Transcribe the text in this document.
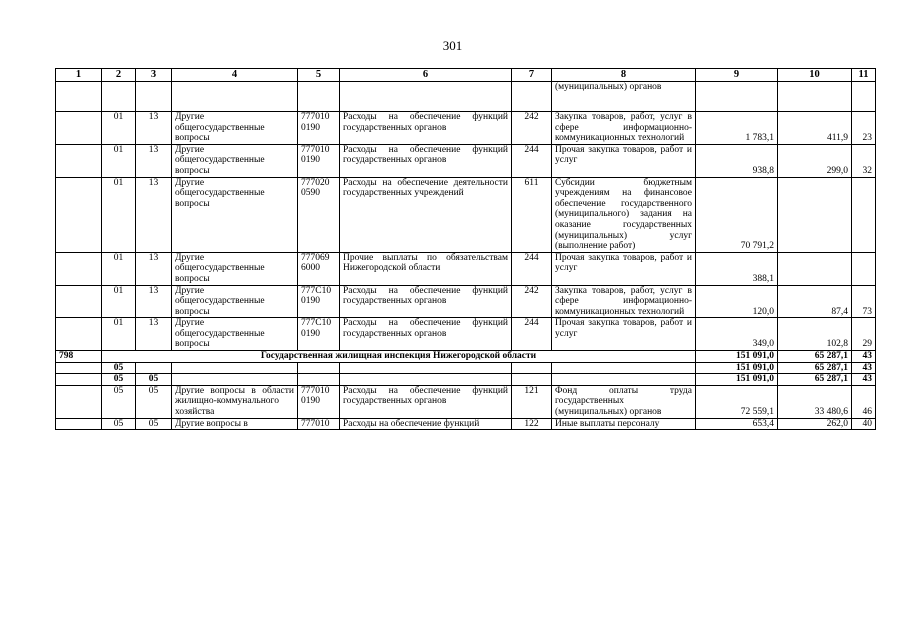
301
1	2	3	4	5	6	7	8	9	10	11
							(муниципальных) органов			
	01	13	Другие общегосударственные вопросы	777010 0190	Расходы на обеспечение функций государственных органов	242	Закупка товаров, работ, услуг в сфере информационно-коммуникационных технологий	1 783,1	411,9	23
	01	13	Другие общегосударственные вопросы	777010 0190	Расходы на обеспечение функций государственных органов	244	Прочая закупка товаров, работ и услуг	938,8	299,0	32
	01	13	Другие общегосударственные вопросы	777020 0590	Расходы на обеспечение деятельности государственных учреждений	611	Субсидии бюджетным учреждениям на финансовое обеспечение государственного (муниципального) задания на оказание государственных (муниципальных) услуг (выполнение работ)	70 791,2		
	01	13	Другие общегосударственные вопросы	777069 6000	Прочие выплаты по обязательствам Нижегородской области	244	Прочая закупка товаров, работ и услуг	388,1		
	01	13	Другие общегосударственные вопросы	777С10 0190	Расходы на обеспечение функций государственных органов	242	Закупка товаров, работ, услуг в сфере информационно-коммуникационных технологий	120,0	87,4	73
	01	13	Другие общегосударственные вопросы	777С10 0190	Расходы на обеспечение функций государственных органов	244	Прочая закупка товаров, работ и услуг	349,0	102,8	29
798	Государственная жилищная инспекция Нижегородской области							151 091,0	65 287,1	43
	05							151 091,0	65 287,1	43
	05	05						151 091,0	65 287,1	43
	05	05	Другие вопросы в области жилищно-коммунального хозяйства	777010 0190	Расходы на обеспечение функций государственных органов	121	Фонд оплаты труда государственных (муниципальных) органов	72 559,1	33 480,6	46
	05	05	Другие вопросы в	777010	Расходы на обеспечение функций	122	Иные выплаты персоналу	653,4	262,0	40
